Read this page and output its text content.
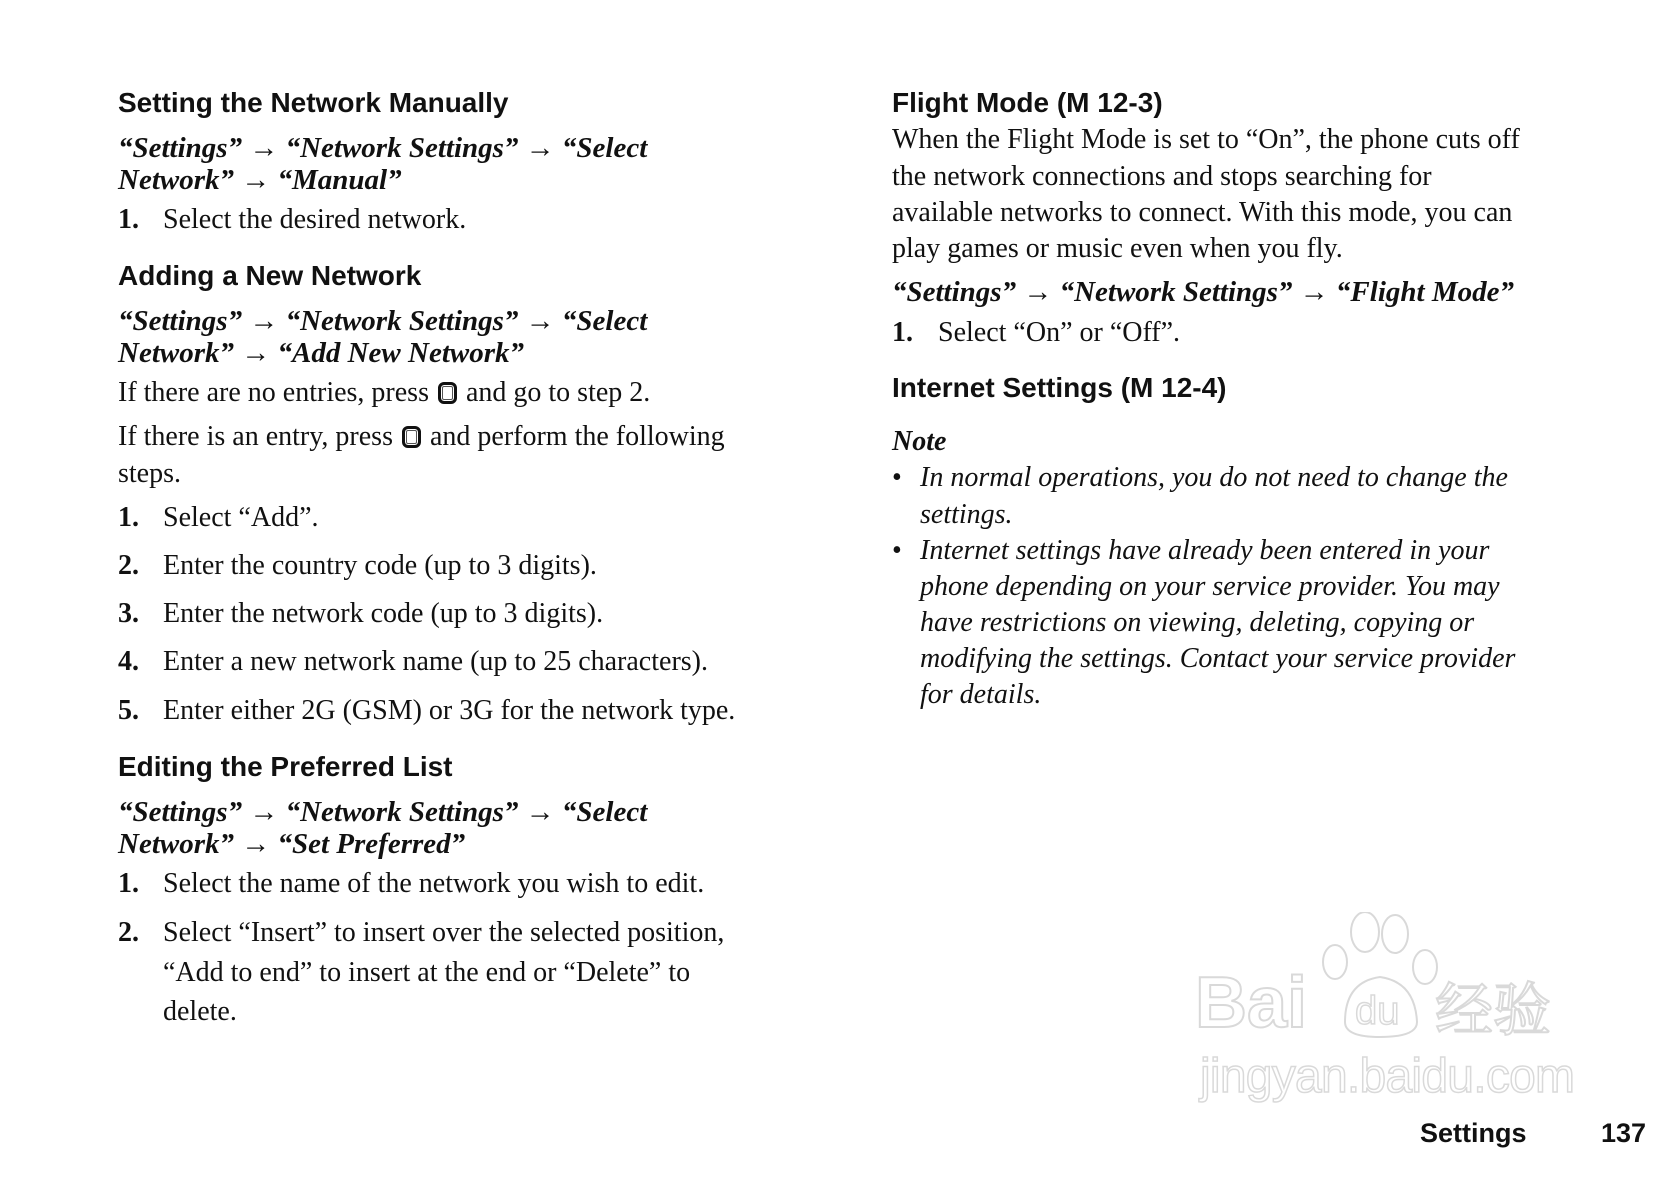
Setting the Network Manually
“Settings” → “Network Settings” → “Select
Network” → “Manual”
1. Select the desired network.
Adding a New Network
“Settings” → “Network Settings” → “Select
Network” → “Add New Network”
If there are no entries, press and go to step 2.
If there is an entry, press and perform the following
steps.
1. Select “Add”.
2. Enter the country code (up to 3 digits).
3. Enter the network code (up to 3 digits).
4. Enter a new network name (up to 25 characters).
5. Enter either 2G (GSM) or 3G for the network type.
Editing the Preferred List
“Settings” → “Network Settings” → “Select
Network” → “Set Preferred”
1. Select the name of the network you wish to edit.
2. Select “Insert” to insert over the selected position,
“Add to end” to insert at the end or “Delete” to
delete.
Flight Mode (M 12-3)
When the Flight Mode is set to “On”, the phone cuts off
the network connections and stops searching for
available networks to connect. With this mode, you can
play games or music even when you fly.
“Settings” → “Network Settings” → “Flight Mode”
1. Select “On” or “Off”.
Internet Settings (M 12-4)
Note
• In normal operations, you do not need to change the
settings.
• Internet settings have already been entered in your
phone depending on your service provider. You may
have restrictions on viewing, deleting, copying or
modifying the settings. Contact your service provider
for details.
Bai du 经验
jingyan.baidu.com
Settings	137
